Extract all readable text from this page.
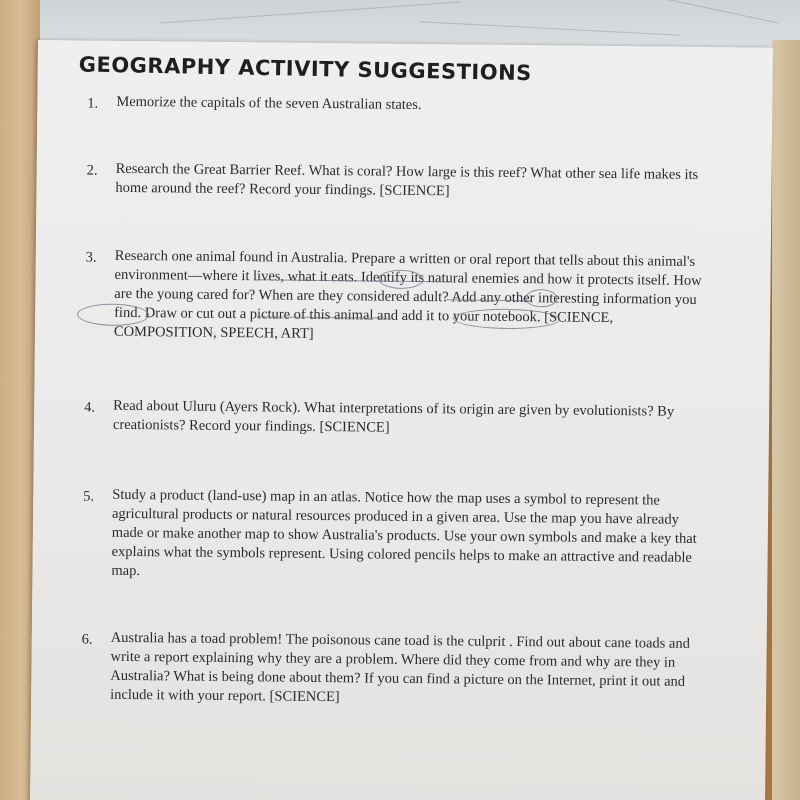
GEOGRAPHY ACTIVITY SUGGESTIONS
1. Memorize the capitals of the seven Australian states.
2. Research the Great Barrier Reef. What is coral? How large is this reef? What other sea life makes its home around the reef? Record your findings. [SCIENCE]
3. Research one animal found in Australia. Prepare a written or oral report that tells about this animal's environment—where it lives, what it eats. Identify its natural enemies and how it protects itself. How are the young cared for? When are they considered adult? Add any other interesting information you find. Draw or cut out a picture of this animal and add it to your notebook. [SCIENCE, COMPOSITION, SPEECH, ART]
4. Read about Uluru (Ayers Rock). What interpretations of its origin are given by evolutionists? By creationists? Record your findings. [SCIENCE]
5. Study a product (land-use) map in an atlas. Notice how the map uses a symbol to represent the agricultural products or natural resources produced in a given area. Use the map you have already made or make another map to show Australia's products. Use your own symbols and make a key that explains what the symbols represent. Using colored pencils helps to make an attractive and readable map.
6. Australia has a toad problem! The poisonous cane toad is the culprit . Find out about cane toads and write a report explaining why they are a problem. Where did they come from and why are they in Australia? What is being done about them? If you can find a picture on the Internet, print it out and include it with your report. [SCIENCE]
